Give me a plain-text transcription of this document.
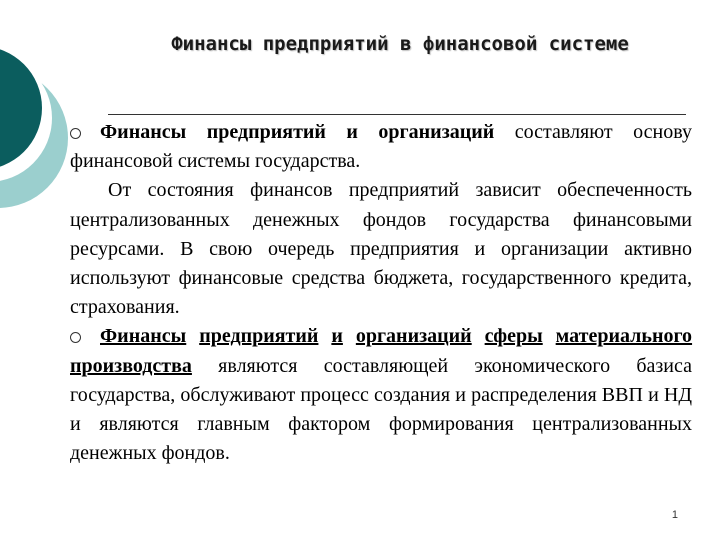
Финансы предприятий в финансовой системе

Финансы предприятий и организаций составляют основу финансовой системы государства.

От состояния финансов предприятий зависит обеспеченность централизованных денежных фондов государства финансовыми ресурсами. В свою очередь предприятия и организации активно используют финансовые средства бюджета, государственного кредита, страхования.

Финансы предприятий и организаций сферы материального производства являются составляющей экономического базиса государства, обслуживают процесс создания и распределения ВВП и НД и являются главным фактором формирования централизованных денежных фондов.

1
